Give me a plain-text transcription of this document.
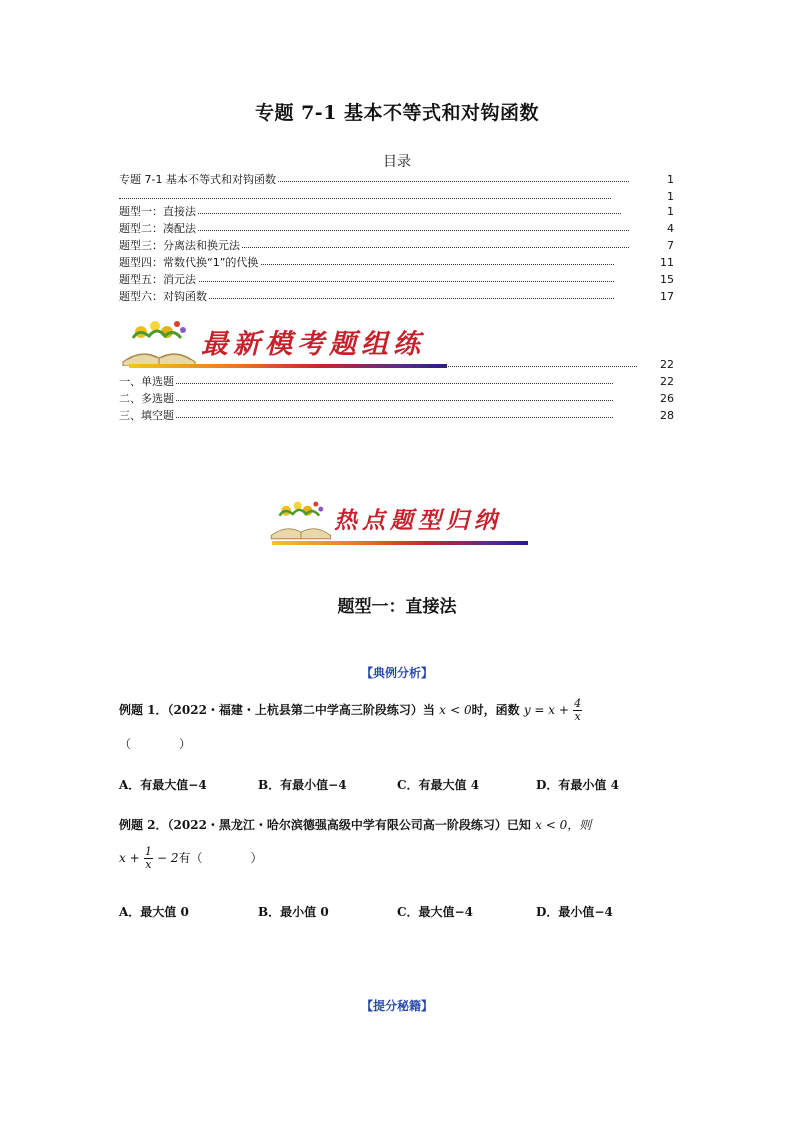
专题 7-1 基本不等式和对钩函数
目录
专题 7-1 基本不等式和对钩函数	1
1
题型一：直接法	1
题型二：凑配法	4
题型三：分离法和换元法	7
题型四：常数代换“1”的代换	11
题型五：消元法	15
题型六：对钩函数	17
最新模考题组练
22
一、单选题	22
二、多选题	26
三、填空题	28
热点题型归纳
题型一：直接法
【典例分析】
例题 1．（2022・福建・上杭县第二中学高三阶段练习）当 x < 0时，函数 $y = x + \frac{4}{x}$
（　　　　）
A．有最大值−4	B．有最小值−4	C．有最大值 4	D．有最小值 4
例题 2．（2022・黑龙江・哈尔滨德强高级中学有限公司高一阶段练习）已知 x < 0，则
$x + \frac{1}{x} - 2$有（　　　　）
A．最大值 0	B．最小值 0	C．最大值−4	D．最小值−4
【提分秘籍】
